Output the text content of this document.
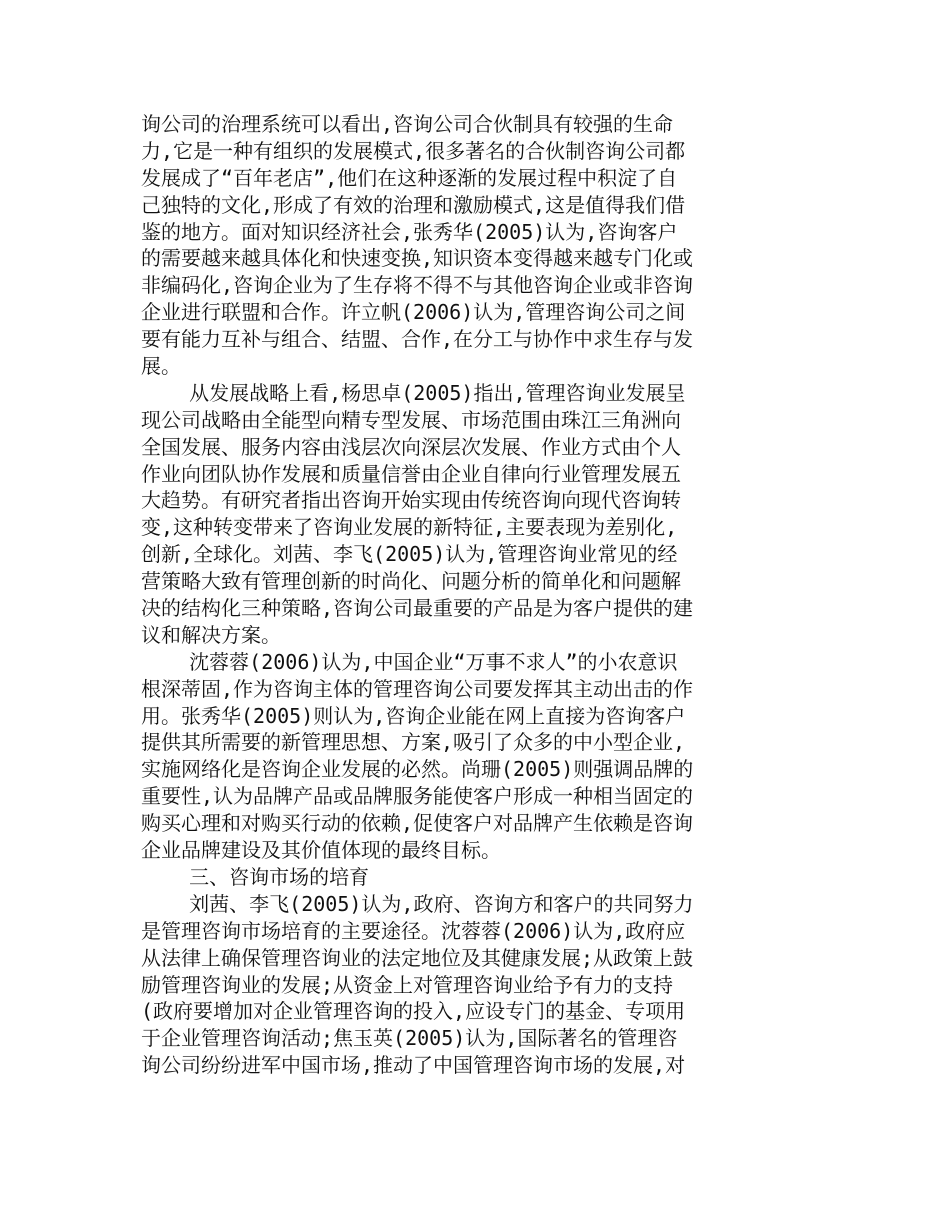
询公司的治理系统可以看出,咨询公司合伙制具有较强的生命
力,它是一种有组织的发展模式,很多著名的合伙制咨询公司都
发展成了“百年老店”,他们在这种逐渐的发展过程中积淀了自
己独特的文化,形成了有效的治理和激励模式,这是值得我们借
鉴的地方。面对知识经济社会,张秀华(2005)认为,咨询客户
的需要越来越具体化和快速变换,知识资本变得越来越专门化或
非编码化,咨询企业为了生存将不得不与其他咨询企业或非咨询
企业进行联盟和合作。许立帆(2006)认为,管理咨询公司之间
要有能力互补与组合、结盟、合作,在分工与协作中求生存与发
展。
从发展战略上看,杨思卓(2005)指出,管理咨询业发展呈
现公司战略由全能型向精专型发展、市场范围由珠江三角洲向
全国发展、服务内容由浅层次向深层次发展、作业方式由个人
作业向团队协作发展和质量信誉由企业自律向行业管理发展五
大趋势。有研究者指出咨询开始实现由传统咨询向现代咨询转
变,这种转变带来了咨询业发展的新特征,主要表现为差别化,
创新,全球化。刘茜、李飞(2005)认为,管理咨询业常见的经
营策略大致有管理创新的时尚化、问题分析的简单化和问题解
决的结构化三种策略,咨询公司最重要的产品是为客户提供的建
议和解决方案。
沈蓉蓉(2006)认为,中国企业“万事不求人”的小农意识
根深蒂固,作为咨询主体的管理咨询公司要发挥其主动出击的作
用。张秀华(2005)则认为,咨询企业能在网上直接为咨询客户
提供其所需要的新管理思想、方案,吸引了众多的中小型企业,
实施网络化是咨询企业发展的必然。尚珊(2005)则强调品牌的
重要性,认为品牌产品或品牌服务能使客户形成一种相当固定的
购买心理和对购买行动的依赖,促使客户对品牌产生依赖是咨询
企业品牌建设及其价值体现的最终目标。
三、咨询市场的培育
刘茜、李飞(2005)认为,政府、咨询方和客户的共同努力
是管理咨询市场培育的主要途径。沈蓉蓉(2006)认为,政府应
从法律上确保管理咨询业的法定地位及其健康发展;从政策上鼓
励管理咨询业的发展;从资金上对管理咨询业给予有力的支持
(政府要增加对企业管理咨询的投入,应设专门的基金、专项用
于企业管理咨询活动;焦玉英(2005)认为,国际著名的管理咨
询公司纷纷进军中国市场,推动了中国管理咨询市场的发展,对
